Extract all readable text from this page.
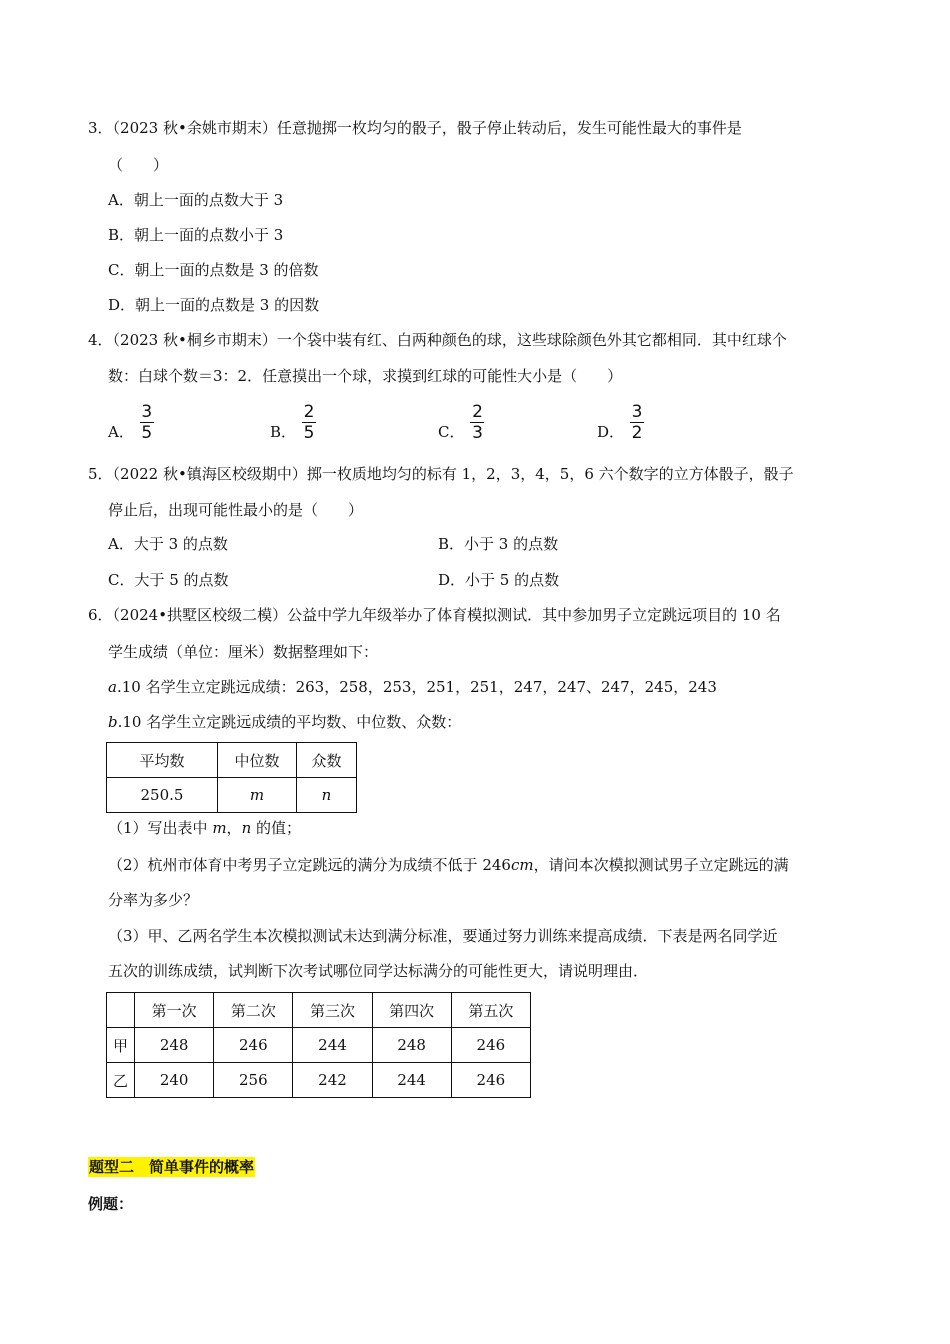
3．（2023 秋•余姚市期末）任意抛掷一枚均匀的骰子，骰子停止转动后，发生可能性最大的事件是
（　　）
A．朝上一面的点数大于 3
B．朝上一面的点数小于 3
C．朝上一面的点数是 3 的倍数
D．朝上一面的点数是 3 的因数
4．（2023 秋•桐乡市期末）一个袋中装有红、白两种颜色的球，这些球除颜色外其它都相同．其中红球个
数：白球个数＝3：2．任意摸出一个球，求摸到红球的可能性大小是（　　）
A． $\frac{3}{5}$	B． $\frac{2}{5}$	C． $\frac{2}{3}$	D． $\frac{3}{2}$
5．（2022 秋•镇海区校级期中）掷一枚质地均匀的标有 1，2，3，4，5，6 六个数字的立方体骰子，骰子
停止后，出现可能性最小的是（　　）
A．大于 3 的点数	B．小于 3 的点数
C．大于 5 的点数	D．小于 5 的点数
6．（2024•拱墅区校级二模）公益中学九年级举办了体育模拟测试．其中参加男子立定跳远项目的 10 名
学生成绩（单位：厘米）数据整理如下：
a.10 名学生立定跳远成绩：263，258，253，251，251，247，247、247，245，243
b.10 名学生立定跳远成绩的平均数、中位数、众数：
平均数	中位数	众数
250.5	m	n
（1）写出表中 m，n 的值；
（2）杭州市体育中考男子立定跳远的满分为成绩不低于 246cm，请问本次模拟测试男子立定跳远的满
分率为多少？
（3）甲、乙两名学生本次模拟测试未达到满分标准，要通过努力训练来提高成绩．下表是两名同学近
五次的训练成绩，试判断下次考试哪位同学达标满分的可能性更大，请说明理由．
	第一次	第二次	第三次	第四次	第五次
甲	248	246	244	248	246
乙	240	256	242	244	246
题型二　简单事件的概率
例题：
